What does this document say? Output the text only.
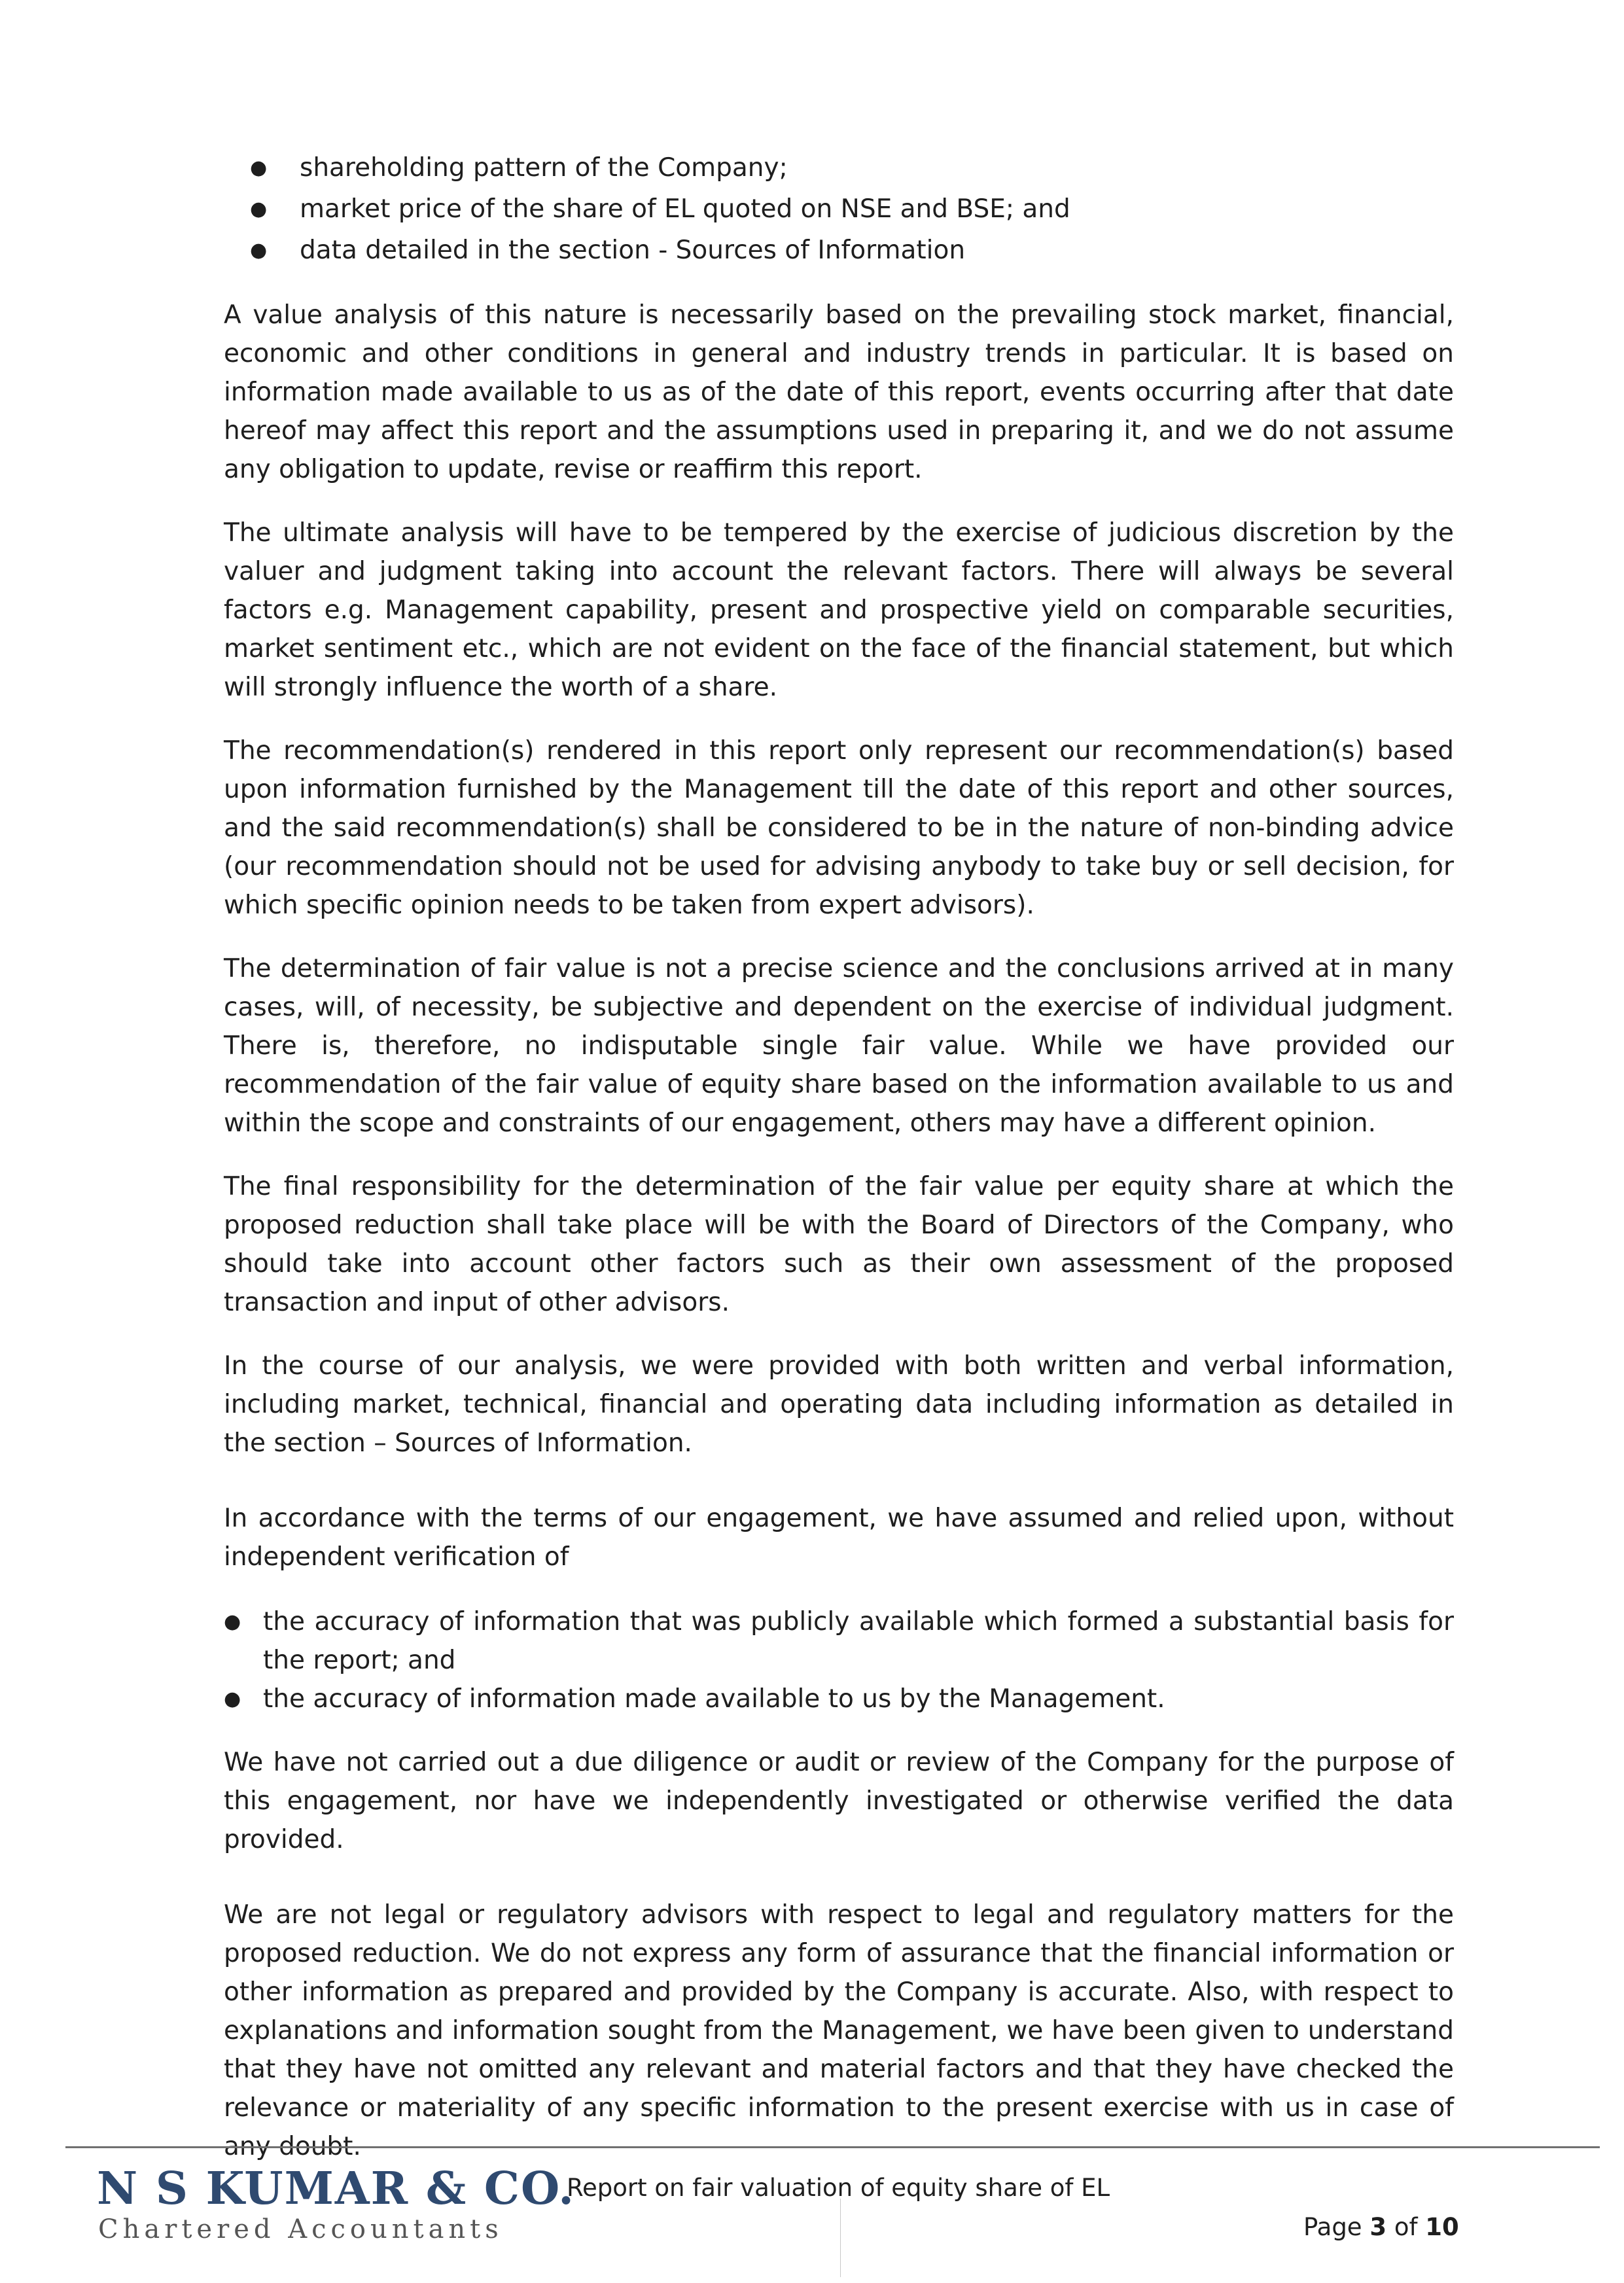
● shareholding pattern of the Company;
● market price of the share of EL quoted on NSE and BSE; and
● data detailed in the section - Sources of Information

A value analysis of this nature is necessarily based on the prevailing stock market, financial, economic and other conditions in general and industry trends in particular. It is based on information made available to us as of the date of this report, events occurring after that date hereof may affect this report and the assumptions used in preparing it, and we do not assume any obligation to update, revise or reaffirm this report.

The ultimate analysis will have to be tempered by the exercise of judicious discretion by the valuer and judgment taking into account the relevant factors. There will always be several factors e.g. Management capability, present and prospective yield on comparable securities, market sentiment etc., which are not evident on the face of the financial statement, but which will strongly influence the worth of a share.

The recommendation(s) rendered in this report only represent our recommendation(s) based upon information furnished by the Management till the date of this report and other sources, and the said recommendation(s) shall be considered to be in the nature of non-binding advice (our recommendation should not be used for advising anybody to take buy or sell decision, for which specific opinion needs to be taken from expert advisors).

The determination of fair value is not a precise science and the conclusions arrived at in many cases, will, of necessity, be subjective and dependent on the exercise of individual judgment. There is, therefore, no indisputable single fair value. While we have provided our recommendation of the fair value of equity share based on the information available to us and within the scope and constraints of our engagement, others may have a different opinion.

The final responsibility for the determination of the fair value per equity share at which the proposed reduction shall take place will be with the Board of Directors of the Company, who should take into account other factors such as their own assessment of the proposed transaction and input of other advisors.

In the course of our analysis, we were provided with both written and verbal information, including market, technical, financial and operating data including information as detailed in the section – Sources of Information.

In accordance with the terms of our engagement, we have assumed and relied upon, without independent verification of

● the accuracy of information that was publicly available which formed a substantial basis for the report; and
● the accuracy of information made available to us by the Management.

We have not carried out a due diligence or audit or review of the Company for the purpose of this engagement, nor have we independently investigated or otherwise verified the data provided.

We are not legal or regulatory advisors with respect to legal and regulatory matters for the proposed reduction. We do not express any form of assurance that the financial information or other information as prepared and provided by the Company is accurate. Also, with respect to explanations and information sought from the Management, we have been given to understand that they have not omitted any relevant and material factors and that they have checked the relevance or materiality of any specific information to the present exercise with us in case of any doubt.

N S KUMAR & CO.
Chartered Accountants
Report on fair valuation of equity share of EL
Page 3 of 10
